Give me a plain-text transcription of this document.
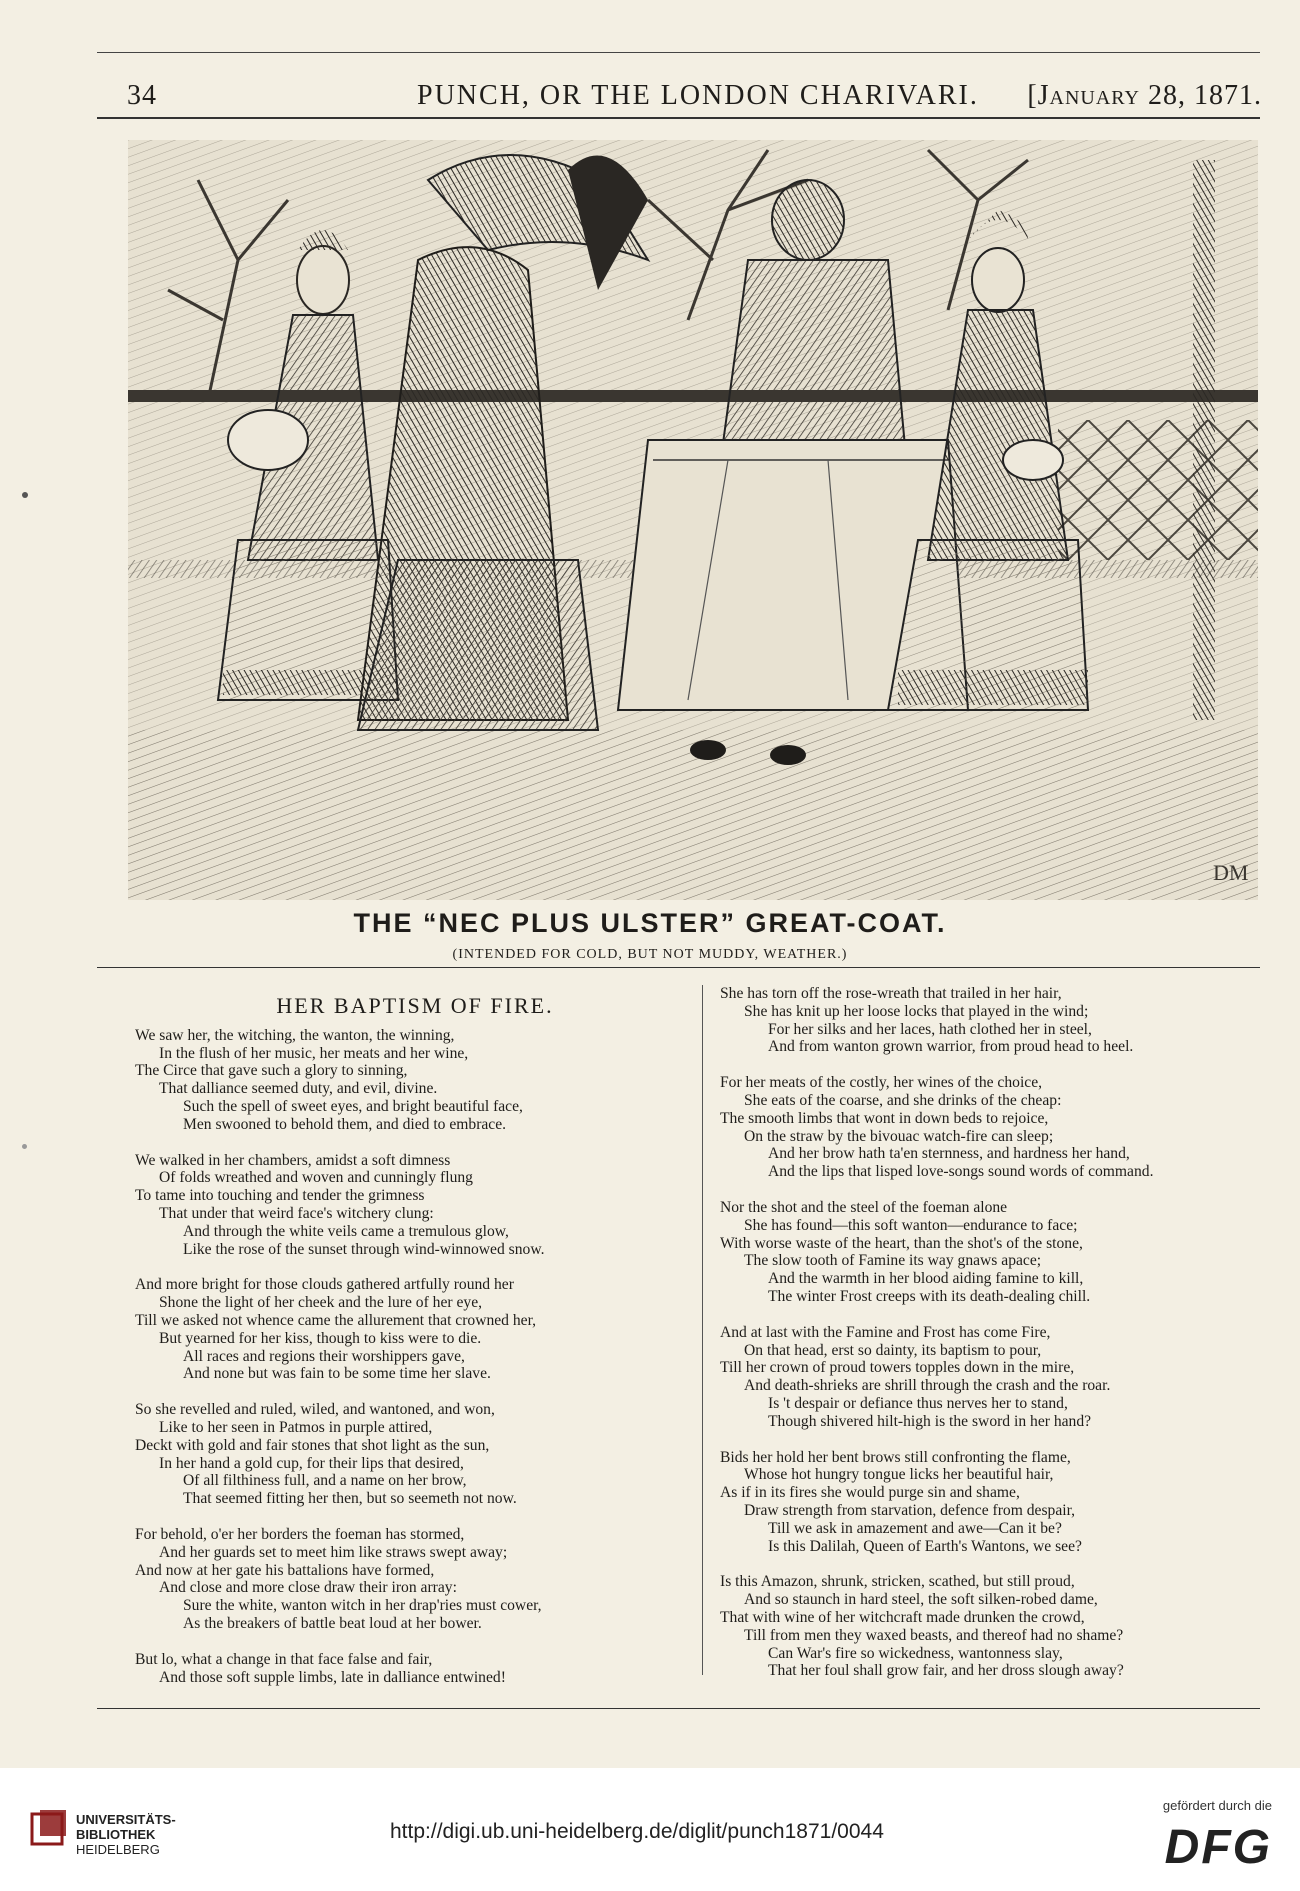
34	PUNCH, OR THE LONDON CHARIVARI. [January 28, 1871.
DM
THE “NEC PLUS ULSTER” GREAT-COAT.
(INTENDED FOR COLD, BUT NOT MUDDY, WEATHER.)
HER BAPTISM OF FIRE.
We saw her, the witching, the wanton, the winning,
In the flush of her music, her meats and her wine,
The Circe that gave such a glory to sinning,
That dalliance seemed duty, and evil, divine.
Such the spell of sweet eyes, and bright beautiful face,
Men swooned to behold them, and died to embrace.
We walked in her chambers, amidst a soft dimness
Of folds wreathed and woven and cunningly flung
To tame into touching and tender the grimness
That under that weird face's witchery clung:
And through the white veils came a tremulous glow,
Like the rose of the sunset through wind-winnowed snow.
And more bright for those clouds gathered artfully round her
Shone the light of her cheek and the lure of her eye,
Till we asked not whence came the allurement that crowned her,
But yearned for her kiss, though to kiss were to die.
All races and regions their worshippers gave,
And none but was fain to be some time her slave.
So she revelled and ruled, wiled, and wantoned, and won,
Like to her seen in Patmos in purple attired,
Deckt with gold and fair stones that shot light as the sun,
In her hand a gold cup, for their lips that desired,
Of all filthiness full, and a name on her brow,
That seemed fitting her then, but so seemeth not now.
For behold, o'er her borders the foeman has stormed,
And her guards set to meet him like straws swept away;
And now at her gate his battalions have formed,
And close and more close draw their iron array:
Sure the white, wanton witch in her drap'ries must cower,
As the breakers of battle beat loud at her bower.
But lo, what a change in that face false and fair,
And those soft supple limbs, late in dalliance entwined!
She has torn off the rose-wreath that trailed in her hair,
She has knit up her loose locks that played in the wind;
For her silks and her laces, hath clothed her in steel,
And from wanton grown warrior, from proud head to heel.
For her meats of the costly, her wines of the choice,
She eats of the coarse, and she drinks of the cheap:
The smooth limbs that wont in down beds to rejoice,
On the straw by the bivouac watch-fire can sleep;
And her brow hath ta'en sternness, and hardness her hand,
And the lips that lisped love-songs sound words of command.
Nor the shot and the steel of the foeman alone
She has found—this soft wanton—endurance to face;
With worse waste of the heart, than the shot's of the stone,
The slow tooth of Famine its way gnaws apace;
And the warmth in her blood aiding famine to kill,
The winter Frost creeps with its death-dealing chill.
And at last with the Famine and Frost has come Fire,
On that head, erst so dainty, its baptism to pour,
Till her crown of proud towers topples down in the mire,
And death-shrieks are shrill through the crash and the roar.
Is 't despair or defiance thus nerves her to stand,
Though shivered hilt-high is the sword in her hand?
Bids her hold her bent brows still confronting the flame,
Whose hot hungry tongue licks her beautiful hair,
As if in its fires she would purge sin and shame,
Draw strength from starvation, defence from despair,
Till we ask in amazement and awe—Can it be?
Is this Dalilah, Queen of Earth's Wantons, we see?
Is this Amazon, shrunk, stricken, scathed, but still proud,
And so staunch in hard steel, the soft silken-robed dame,
That with wine of her witchcraft made drunken the crowd,
Till from men they waxed beasts, and thereof had no shame?
Can War's fire so wickedness, wantonness slay,
That her foul shall grow fair, and her dross slough away?
UNIVERSITÄTS-
BIBLIOTHEK
HEIDELBERG
http://digi.ub.uni-heidelberg.de/diglit/punch1871/0044
gefördert durch die
DFG
